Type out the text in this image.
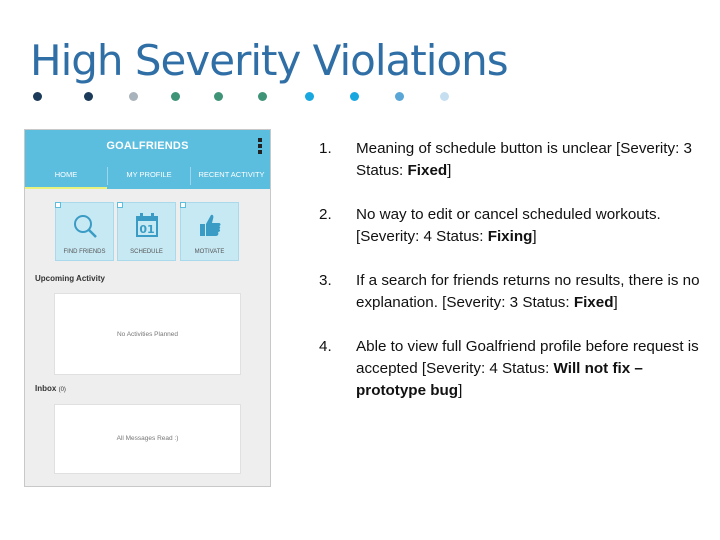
High Severity Violations
GOALFRIENDS
HOME	MY PROFILE	RECENT ACTIVITY
FIND FRIENDS
01
SCHEDULE	MOTIVATE
Upcoming Activity
No Activities Planned
Inbox (0)
All Messages Read :)
1. Meaning of schedule button is unclear [Severity: 3 Status: Fixed]
2. No way to edit or cancel scheduled workouts. [Severity: 4 Status: Fixing]
3. If a search for friends returns no results, there is no explanation. [Severity: 3 Status: Fixed]
4. Able to view full Goalfriend profile before request is accepted [Severity: 4 Status: Will not fix – prototype bug]
